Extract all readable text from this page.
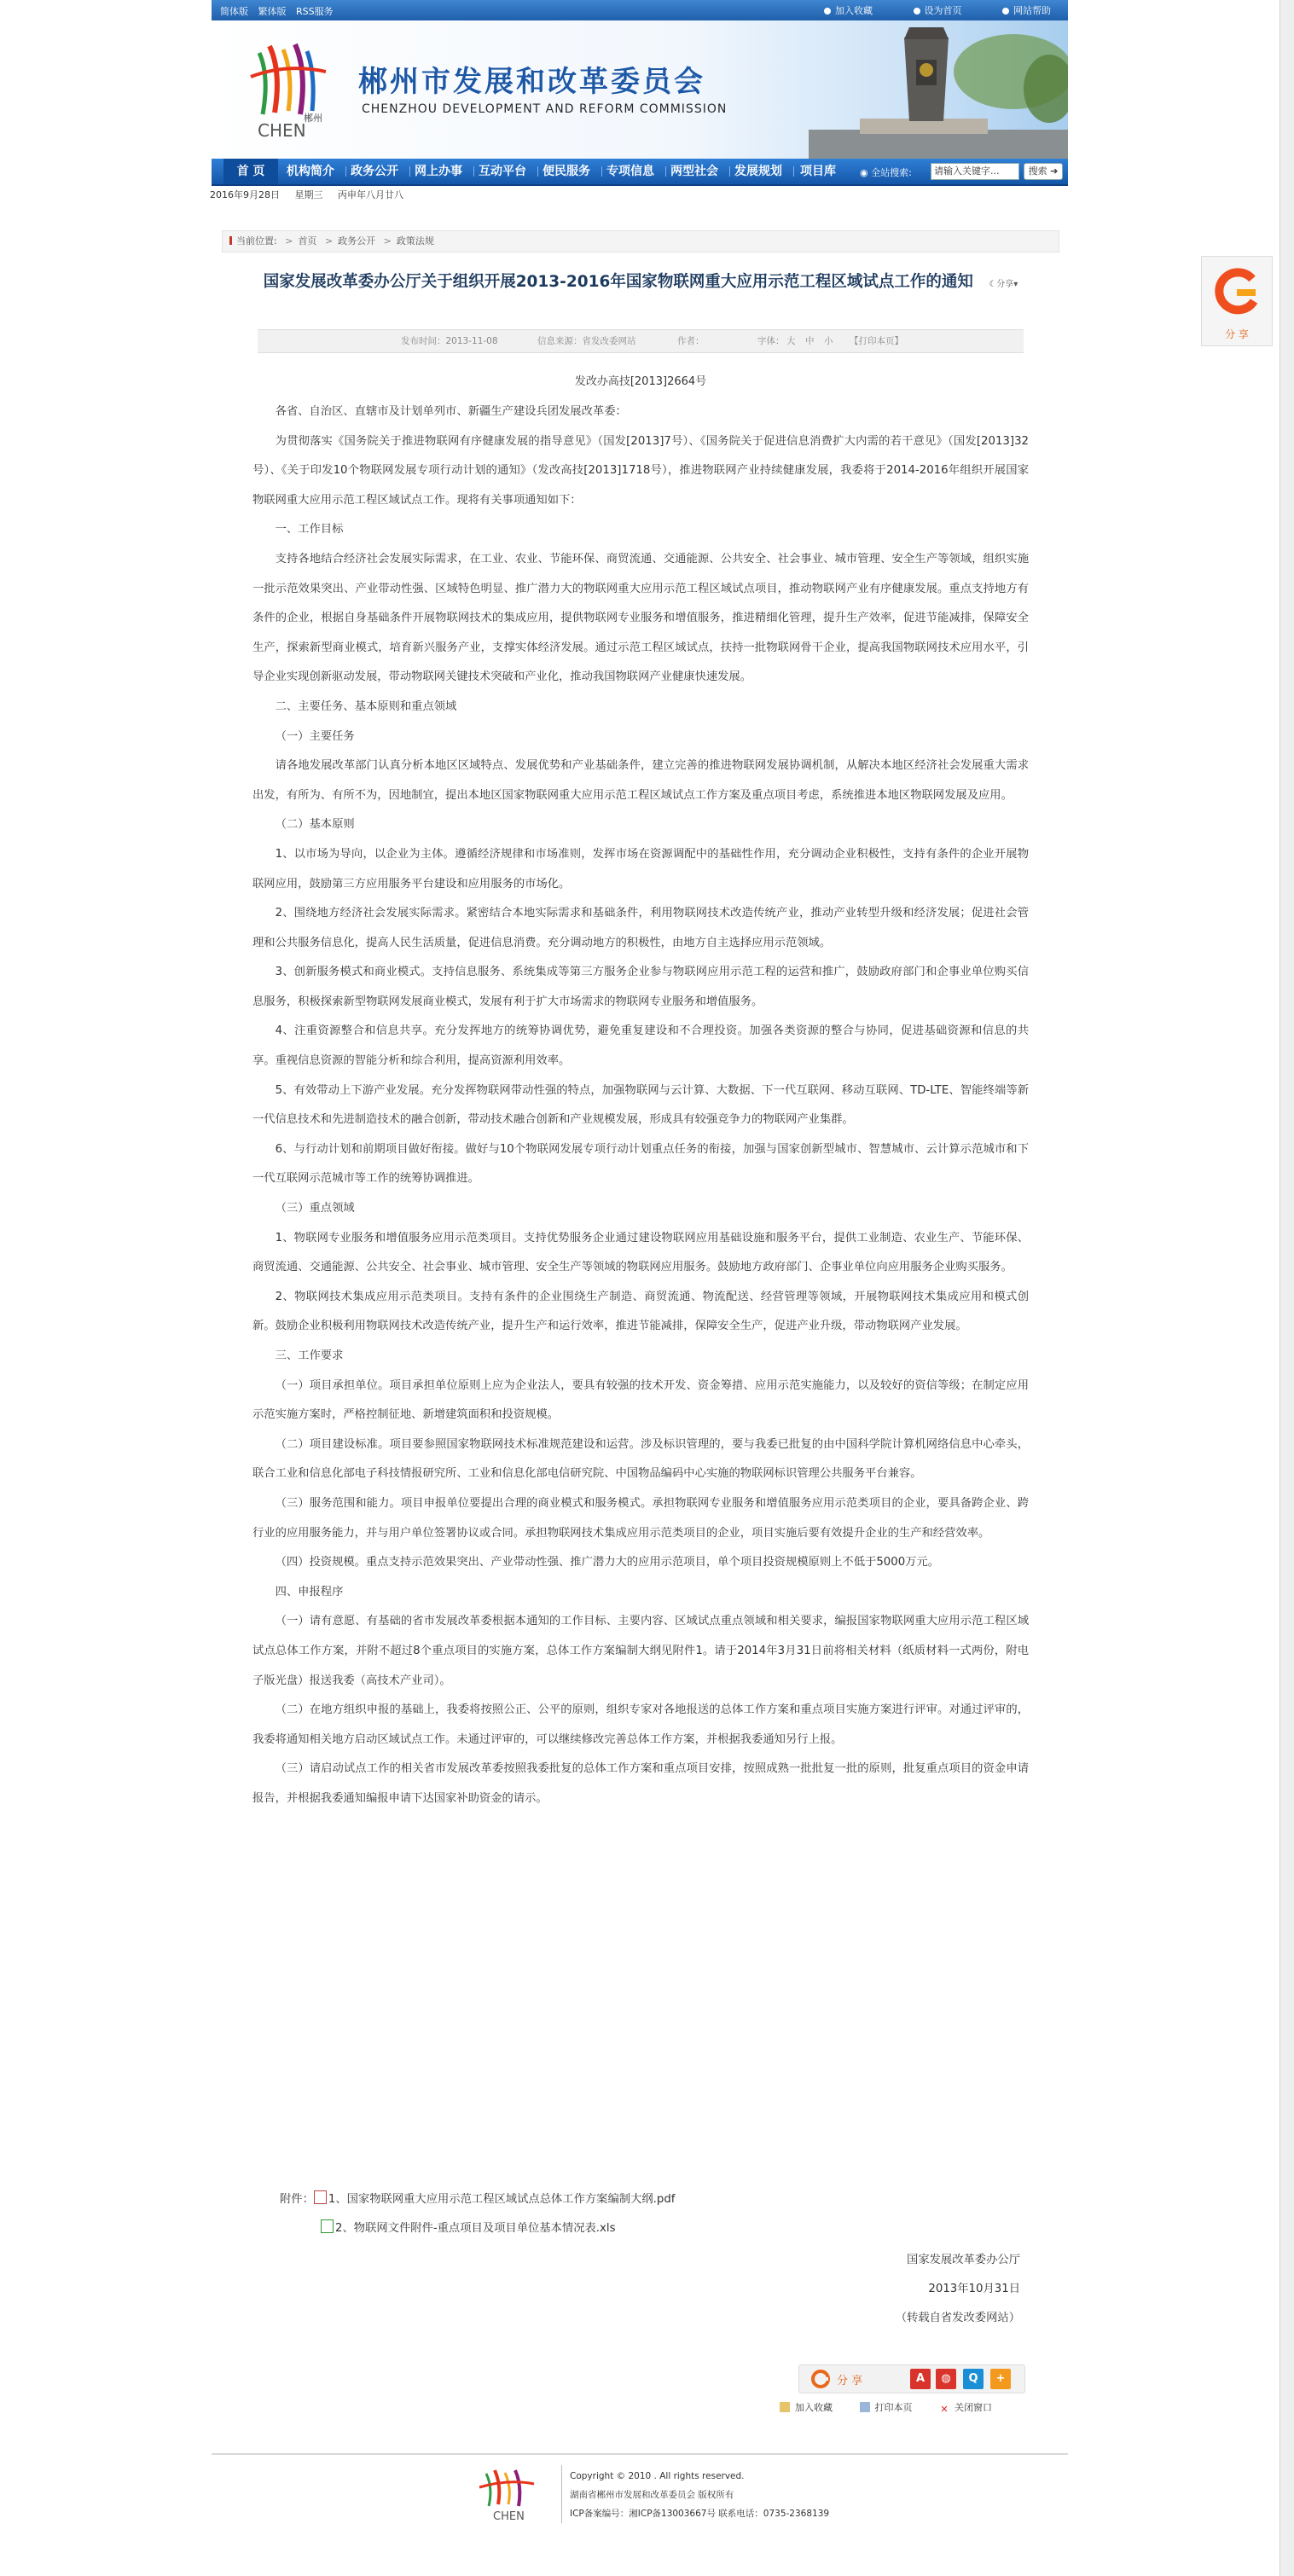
简体版 繁体版 RSS服务	加入收藏	设为首页	网站帮助
郴州
CHEN
郴州市发展和改革委员会
CHENZHOU DEVELOPMENT AND REFORM COMMISSION
首 页	机构简介 政务公开 网上办事 互动平台 便民服务 专项信息 两型社会 发展规划 项目库	◉ 全站搜索:	请输入关键字...	搜索 ➔
2016年9月28日 星期三 丙申年八月廿八
当前位置: > 首页 > 政务公开 > 政策法规
国家发展改革委办公厅关于组织开展2013-2016年国家物联网重大应用示范工程区域试点工作的通知 ☾分享▾
发布时间：2013-11-08	信息来源：省发改委网站	作者：	字体： 大 中 小 【打印本页】
发改办高技[2013]2664号

各省、自治区、直辖市及计划单列市、新疆生产建设兵团发展改革委：

为贯彻落实《国务院关于推进物联网有序健康发展的指导意见》（国发[2013]7号）、《国务院关于促进信息消费扩大内需的若干意见》（国发[2013]32号）、《关于印发10个物联网发展专项行动计划的通知》（发改高技[2013]1718号），推进物联网产业持续健康发展，我委将于2014-2016年组织开展国家物联网重大应用示范工程区域试点工作。现将有关事项通知如下：

一、工作目标

支持各地结合经济社会发展实际需求，在工业、农业、节能环保、商贸流通、交通能源、公共安全、社会事业、城市管理、安全生产等领域，组织实施一批示范效果突出、产业带动性强、区域特色明显、推广潜力大的物联网重大应用示范工程区域试点项目，推动物联网产业有序健康发展。重点支持地方有条件的企业，根据自身基础条件开展物联网技术的集成应用，提供物联网专业服务和增值服务，推进精细化管理，提升生产效率，促进节能减排，保障安全生产，探索新型商业模式，培育新兴服务产业，支撑实体经济发展。通过示范工程区域试点，扶持一批物联网骨干企业，提高我国物联网技术应用水平，引导企业实现创新驱动发展，带动物联网关键技术突破和产业化，推动我国物联网产业健康快速发展。

二、主要任务、基本原则和重点领域

（一）主要任务

请各地发展改革部门认真分析本地区区域特点、发展优势和产业基础条件，建立完善的推进物联网发展协调机制，从解决本地区经济社会发展重大需求出发，有所为、有所不为，因地制宜，提出本地区国家物联网重大应用示范工程区域试点工作方案及重点项目考虑，系统推进本地区物联网发展及应用。

（二）基本原则

1、以市场为导向，以企业为主体。遵循经济规律和市场准则，发挥市场在资源调配中的基础性作用，充分调动企业积极性，支持有条件的企业开展物联网应用，鼓励第三方应用服务平台建设和应用服务的市场化。

2、围绕地方经济社会发展实际需求。紧密结合本地实际需求和基础条件，利用物联网技术改造传统产业，推动产业转型升级和经济发展；促进社会管理和公共服务信息化，提高人民生活质量，促进信息消费。充分调动地方的积极性，由地方自主选择应用示范领域。

3、创新服务模式和商业模式。支持信息服务、系统集成等第三方服务企业参与物联网应用示范工程的运营和推广，鼓励政府部门和企事业单位购买信息服务，积极探索新型物联网发展商业模式，发展有利于扩大市场需求的物联网专业服务和增值服务。

4、注重资源整合和信息共享。充分发挥地方的统筹协调优势，避免重复建设和不合理投资。加强各类资源的整合与协同，促进基础资源和信息的共享。重视信息资源的智能分析和综合利用，提高资源利用效率。

5、有效带动上下游产业发展。充分发挥物联网带动性强的特点，加强物联网与云计算、大数据、下一代互联网、移动互联网、TD-LTE、智能终端等新一代信息技术和先进制造技术的融合创新，带动技术融合创新和产业规模发展，形成具有较强竞争力的物联网产业集群。

6、与行动计划和前期项目做好衔接。做好与10个物联网发展专项行动计划重点任务的衔接，加强与国家创新型城市、智慧城市、云计算示范城市和下一代互联网示范城市等工作的统筹协调推进。

（三）重点领域

1、物联网专业服务和增值服务应用示范类项目。支持优势服务企业通过建设物联网应用基础设施和服务平台，提供工业制造、农业生产、节能环保、商贸流通、交通能源、公共安全、社会事业、城市管理、安全生产等领域的物联网应用服务。鼓励地方政府部门、企事业单位向应用服务企业购买服务。

2、物联网技术集成应用示范类项目。支持有条件的企业围绕生产制造、商贸流通、物流配送、经营管理等领域，开展物联网技术集成应用和模式创新。鼓励企业积极利用物联网技术改造传统产业，提升生产和运行效率，推进节能减排，保障安全生产，促进产业升级，带动物联网产业发展。

三、工作要求

（一）项目承担单位。项目承担单位原则上应为企业法人，要具有较强的技术开发、资金筹措、应用示范实施能力，以及较好的资信等级；在制定应用示范实施方案时，严格控制征地、新增建筑面积和投资规模。

（二）项目建设标准。项目要参照国家物联网技术标准规范建设和运营。涉及标识管理的，要与我委已批复的由中国科学院计算机网络信息中心牵头，联合工业和信息化部电子科技情报研究所、工业和信息化部电信研究院、中国物品编码中心实施的物联网标识管理公共服务平台兼容。

（三）服务范围和能力。项目申报单位要提出合理的商业模式和服务模式。承担物联网专业服务和增值服务应用示范类项目的企业，要具备跨企业、跨行业的应用服务能力，并与用户单位签署协议或合同。承担物联网技术集成应用示范类项目的企业，项目实施后要有效提升企业的生产和经营效率。

（四）投资规模。重点支持示范效果突出、产业带动性强、推广潜力大的应用示范项目，单个项目投资规模原则上不低于5000万元。

四、申报程序

（一）请有意愿、有基础的省市发展改革委根据本通知的工作目标、主要内容、区域试点重点领域和相关要求，编报国家物联网重大应用示范工程区域试点总体工作方案，并附不超过8个重点项目的实施方案，总体工作方案编制大纲见附件1。请于2014年3月31日前将相关材料（纸质材料一式两份，附电子版光盘）报送我委（高技术产业司）。

（二）在地方组织申报的基础上，我委将按照公正、公平的原则，组织专家对各地报送的总体工作方案和重点项目实施方案进行评审。对通过评审的，我委将通知相关地方启动区域试点工作。未通过评审的，可以继续修改完善总体工作方案，并根据我委通知另行上报。

（三）请启动试点工作的相关省市发展改革委按照我委批复的总体工作方案和重点项目安排，按照成熟一批批复一批的原则，批复重点项目的资金申请报告，并根据我委通知编报申请下达国家补助资金的请示。

附件： 1、国家物联网重大应用示范工程区域试点总体工作方案编制大纲.pdf
2、物联网文件附件-重点项目及项目单位基本情况表.xls
国家发展改革委办公厅
2013年10月31日
（转载自省发改委网站）
分 享	A	◍	Q	+
加入收藏	打印本页	✕ 关闭窗口
CHEN
Copyright © 2010 . All rights reserved.
湖南省郴州市发展和改革委员会 版权所有
ICP备案编号：湘ICP备13003667号 联系电话：0735-2368139
分 享
